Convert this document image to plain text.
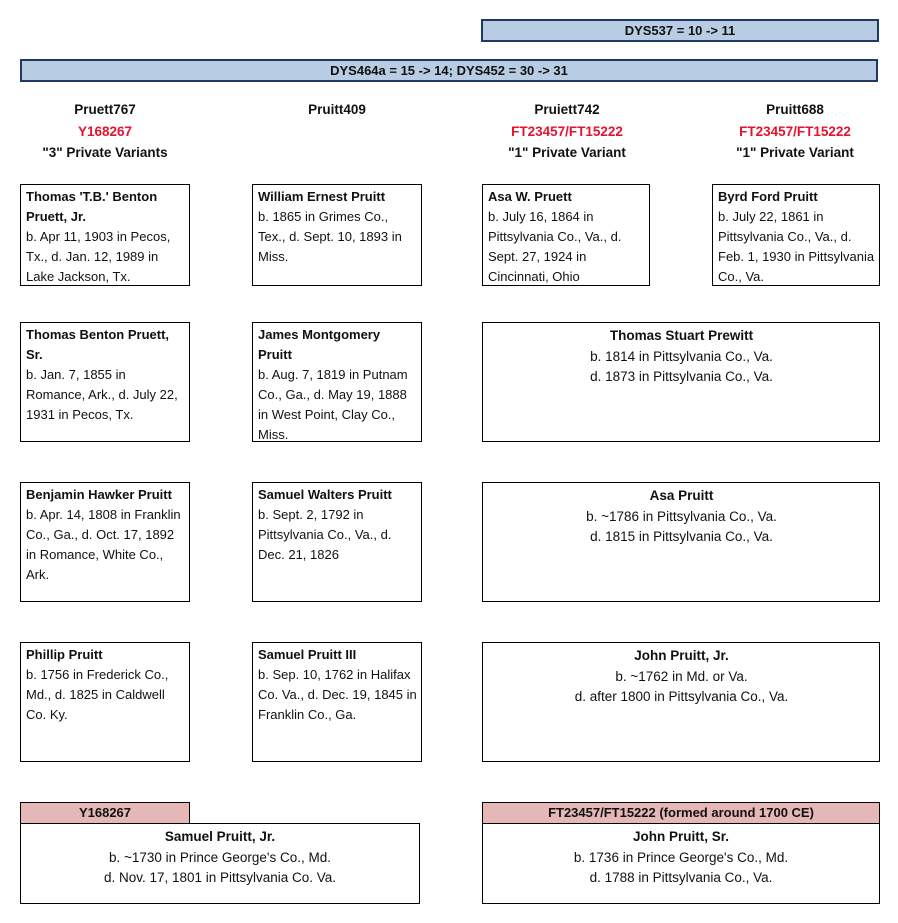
DYS537 = 10 -> 11
DYS464a = 15 -> 14; DYS452 = 30 -> 31
Pruett767
Y168267
"3" Private Variants
Pruitt409	Pruiett742
FT23457/FT15222
"1" Private Variant
Pruitt688
FT23457/FT15222
"1" Private Variant
Thomas 'T.B.' Benton Pruett, Jr.
b. Apr 11, 1903 in Pecos, Tx., d. Jan. 12, 1989 in Lake Jackson, Tx.
William Ernest Pruitt
b. 1865 in Grimes Co., Tex., d. Sept. 10, 1893 in Miss.
Asa W. Pruett
b. July 16, 1864 in Pittsylvania Co., Va., d. Sept. 27, 1924 in Cincinnati, Ohio
Byrd Ford Pruitt
b. July 22, 1861 in Pittsylvania Co., Va., d. Feb. 1, 1930 in Pittsylvania Co., Va.
Thomas Benton Pruett, Sr.
b. Jan. 7, 1855 in Romance, Ark., d. July 22, 1931 in Pecos, Tx.
James Montgomery Pruitt
b. Aug. 7, 1819 in Putnam Co., Ga., d. May 19, 1888 in West Point, Clay Co., Miss.
Thomas Stuart Prewitt
b. 1814 in Pittsylvania Co., Va.
d. 1873 in Pittsylvania Co., Va.
Benjamin Hawker Pruitt
b. Apr. 14, 1808 in Franklin Co., Ga., d. Oct. 17, 1892 in Romance, White Co., Ark.
Samuel Walters Pruitt
b. Sept. 2, 1792 in Pittsylvania Co., Va., d. Dec. 21, 1826
Asa Pruitt
b. ~1786 in Pittsylvania Co., Va.
d. 1815 in Pittsylvania Co., Va.
Phillip Pruitt
b. 1756 in Frederick Co., Md., d. 1825 in Caldwell Co. Ky.
Samuel Pruitt III
b. Sep. 10, 1762 in Halifax Co. Va., d. Dec. 19, 1845 in Franklin Co., Ga.
John Pruitt, Jr.
b. ~1762 in Md. or Va.
d. after 1800 in Pittsylvania Co., Va.
Y168267
Samuel Pruitt, Jr.
b. ~1730 in Prince George's Co., Md.
d. Nov. 17, 1801 in Pittsylvania Co. Va.
FT23457/FT15222 (formed around 1700 CE)
John Pruitt, Sr.
b. 1736 in Prince George's Co., Md.
d. 1788 in Pittsylvania Co., Va.
